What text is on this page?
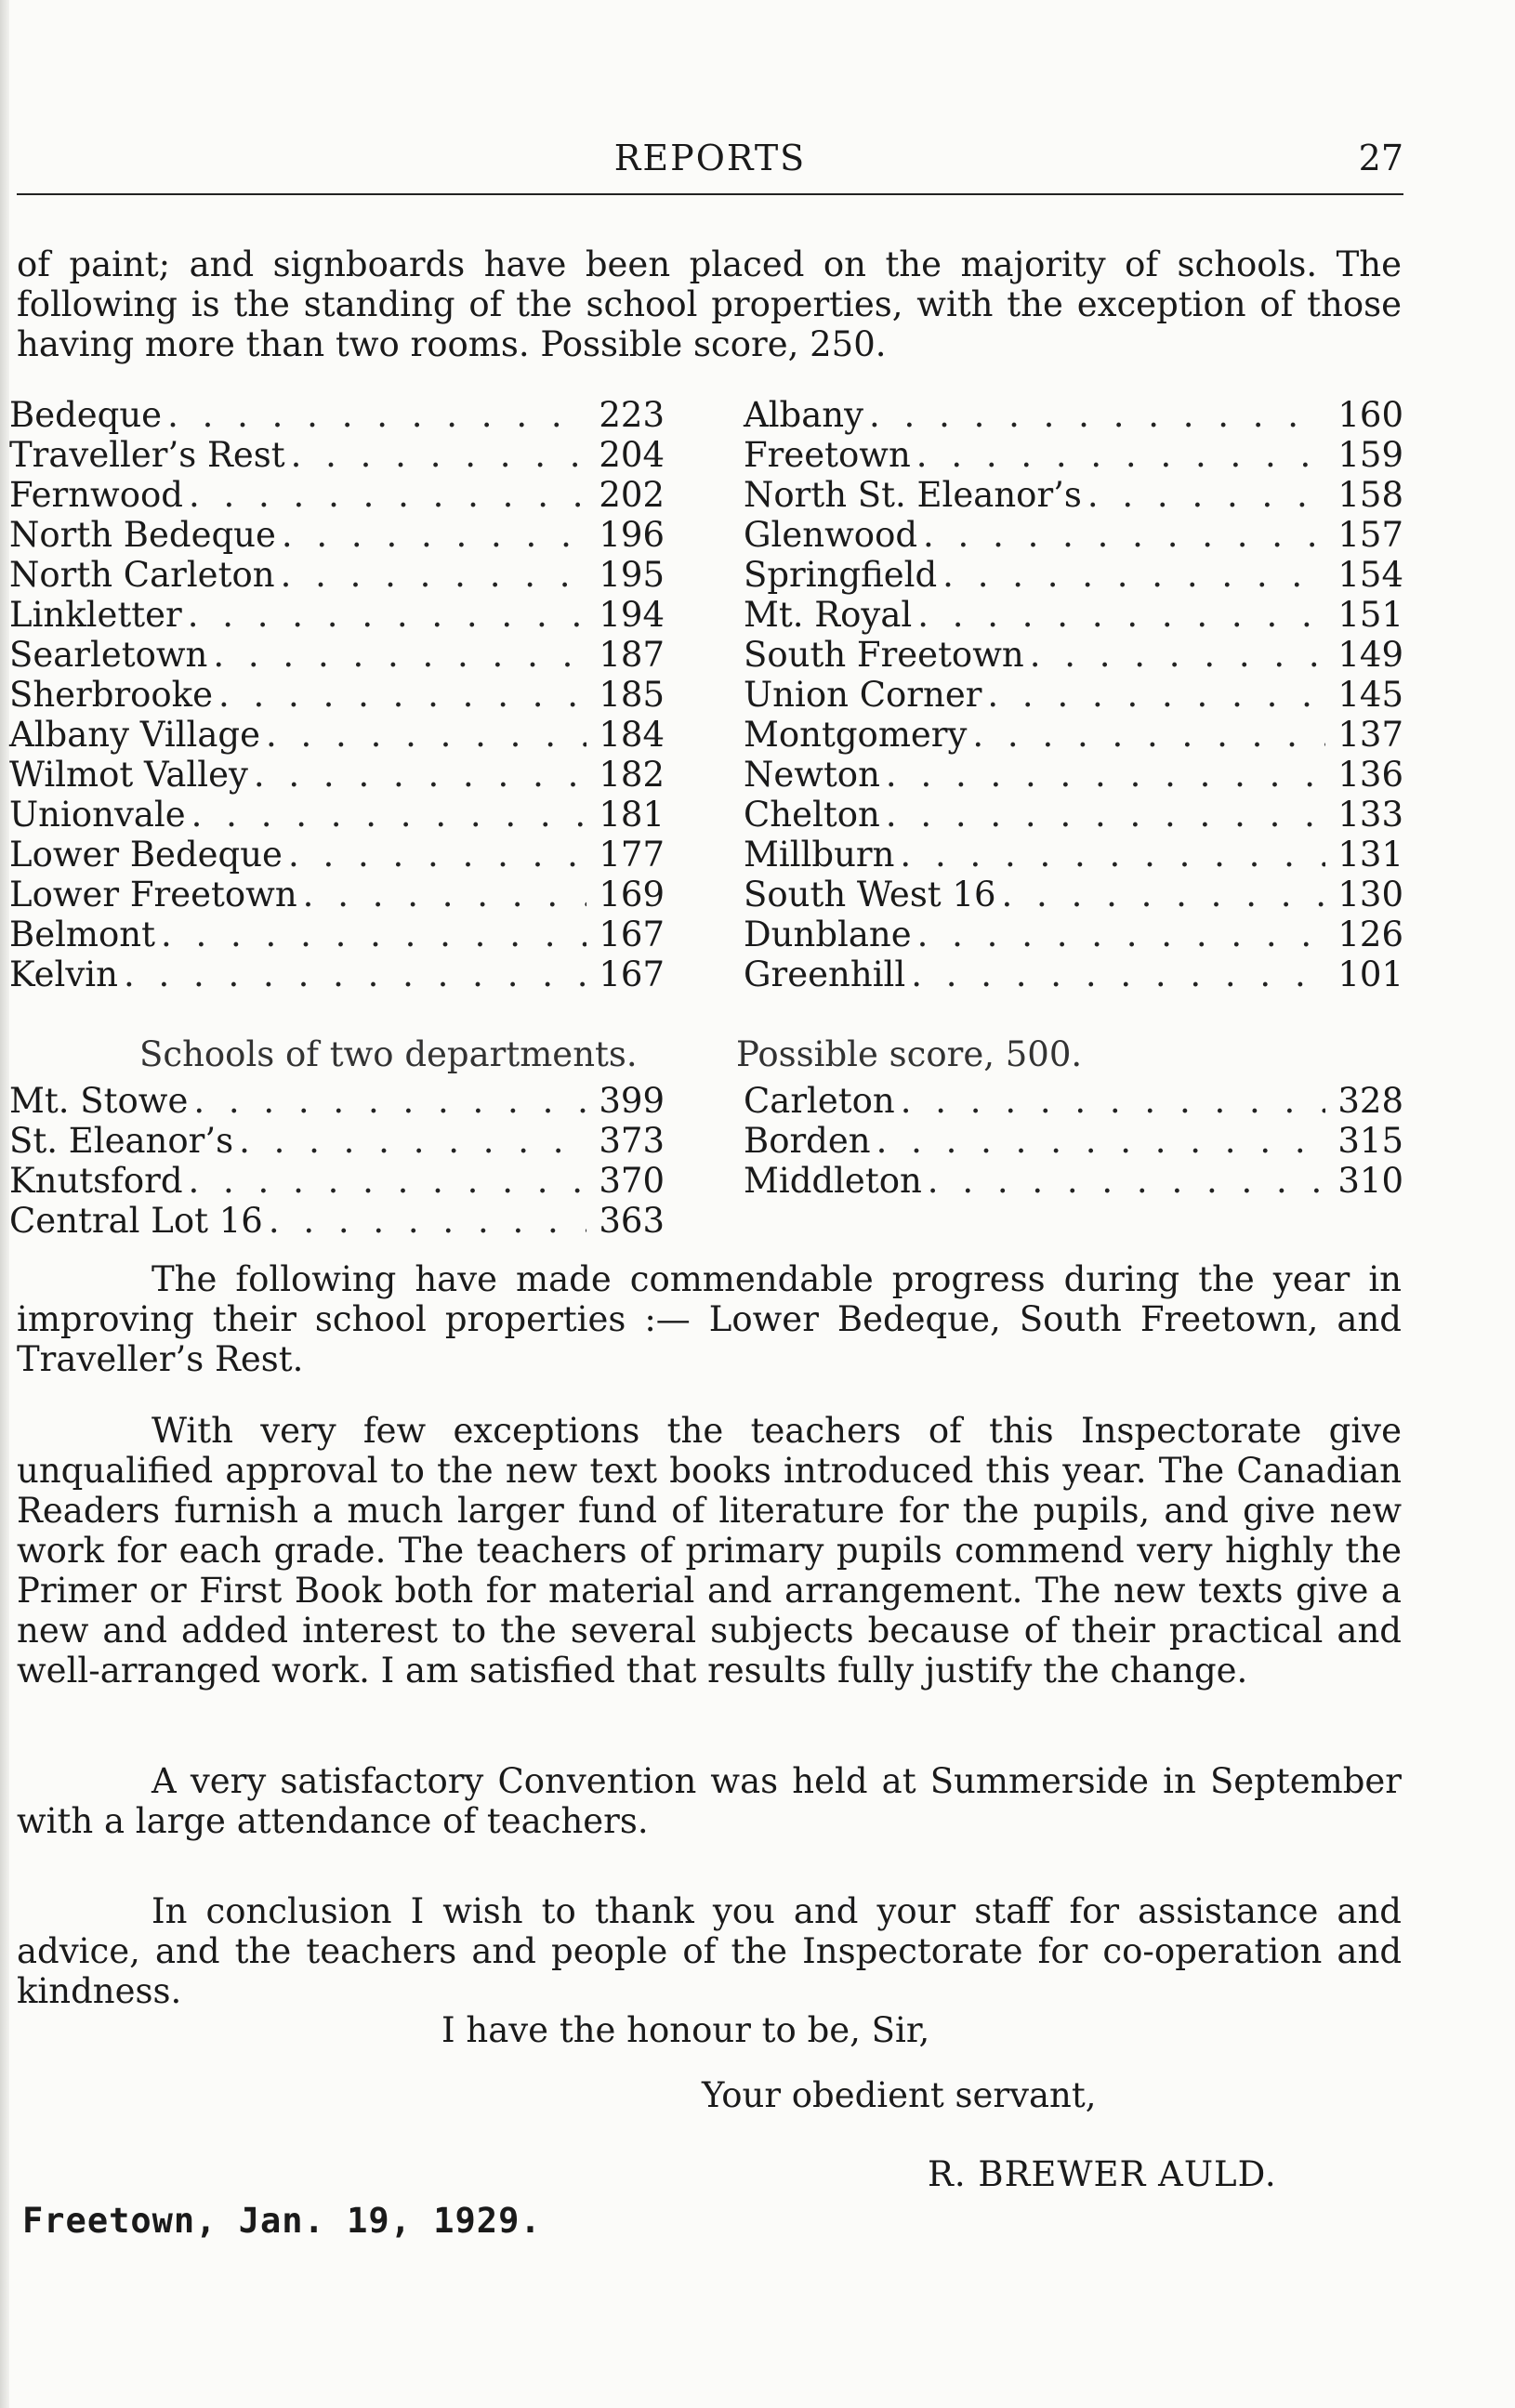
REPORTS	27

of paint; and signboards have been placed on the majority of schools. The following is the standing of the school properties, with the exception of those having more than two rooms. Possible score, 250.

Bedeque . . .	223
Traveller’s Rest . . .	204
Fernwood . . .	202
North Bedeque . . .	196
North Carleton . . .	195
Linkletter . . .	194
Searletown . . .	187
Sherbrooke . . .	185
Albany Village . . .	184
Wilmot Valley . . .	182
Unionvale . . .	181
Lower Bedeque . . .	177
Lower Freetown . . .	169
Belmont . . .	167
Kelvin . . .	167
Albany . . .	160
Freetown . . .	159
North St. Eleanor’s . . .	158
Glenwood . . .	157
Springfield . . .	154
Mt. Royal . . .	151
South Freetown . . .	149
Union Corner . . .	145
Montgomery . . .	137
Newton . . .	136
Chelton . . .	133
Millburn . . .	131
South West 16 . . .	130
Dunblane . . .	126
Greenhill . . .	101
Schools of two departments.	Possible score, 500.
Mt. Stowe . . .	399
St. Eleanor’s . . .	373
Knutsford . . .	370
Central Lot 16 . . .	363
Carleton . . .	328
Borden . . .	315
Middleton . . .	310

The following have made commendable progress during the year in improving their school properties :— Lower Bedeque, South Freetown, and Traveller’s Rest.

With very few exceptions the teachers of this Inspectorate give unqualified approval to the new text books introduced this year. The Canadian Readers furnish a much larger fund of literature for the pupils, and give new work for each grade. The teachers of primary pupils commend very highly the Primer or First Book both for material and arrangement. The new texts give a new and added interest to the several subjects because of their practical and well-arranged work. I am satisfied that results fully justify the change.

A very satisfactory Convention was held at Summerside in September with a large attendance of teachers.

In conclusion I wish to thank you and your staff for assistance and advice, and the teachers and people of the Inspectorate for co-operation and kindness.

I have the honour to be, Sir,
Your obedient servant,
R. BREWER AULD.
Freetown, Jan. 19, 1929.
